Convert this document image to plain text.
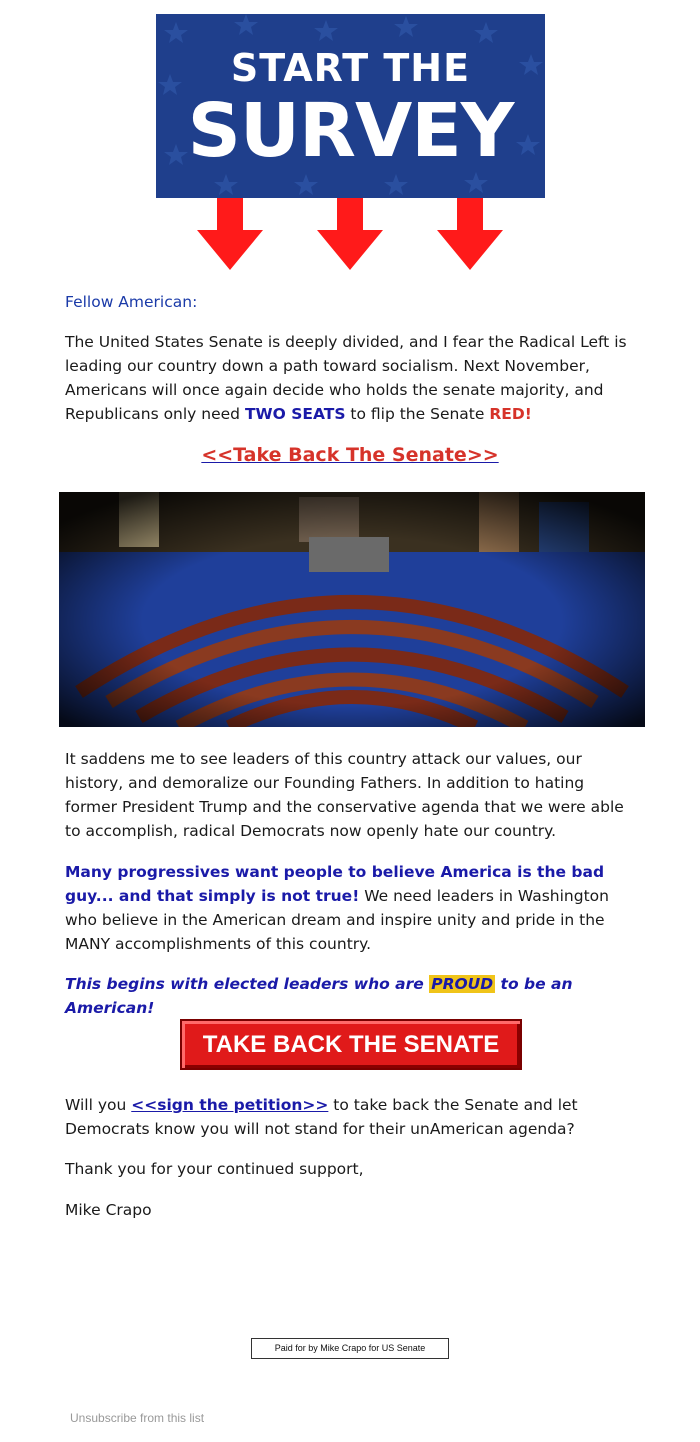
START THE
SURVEY

Fellow American:

The United States Senate is deeply divided, and I fear the Radical Left is leading our country down a path toward socialism. Next November, Americans will once again decide who holds the senate majority, and Republicans only need TWO SEATS to flip the Senate RED!

<<Take Back The Senate>>

It saddens me to see leaders of this country attack our values, our history, and demoralize our Founding Fathers. In addition to hating former President Trump and the conservative agenda that we were able to accomplish, radical Democrats now openly hate our country.

Many progressives want people to believe America is the bad guy... and that simply is not true! We need leaders in Washington who believe in the American dream and inspire unity and pride in the MANY accomplishments of this country.

This begins with elected leaders who are PROUD to be an American!

TAKE BACK THE SENATE

Will you <<sign the petition>> to take back the Senate and let Democrats know you will not stand for their unAmerican agenda?

Thank you for your continued support,

Mike Crapo

Paid for by Mike Crapo for US Senate
Unsubscribe from this list
